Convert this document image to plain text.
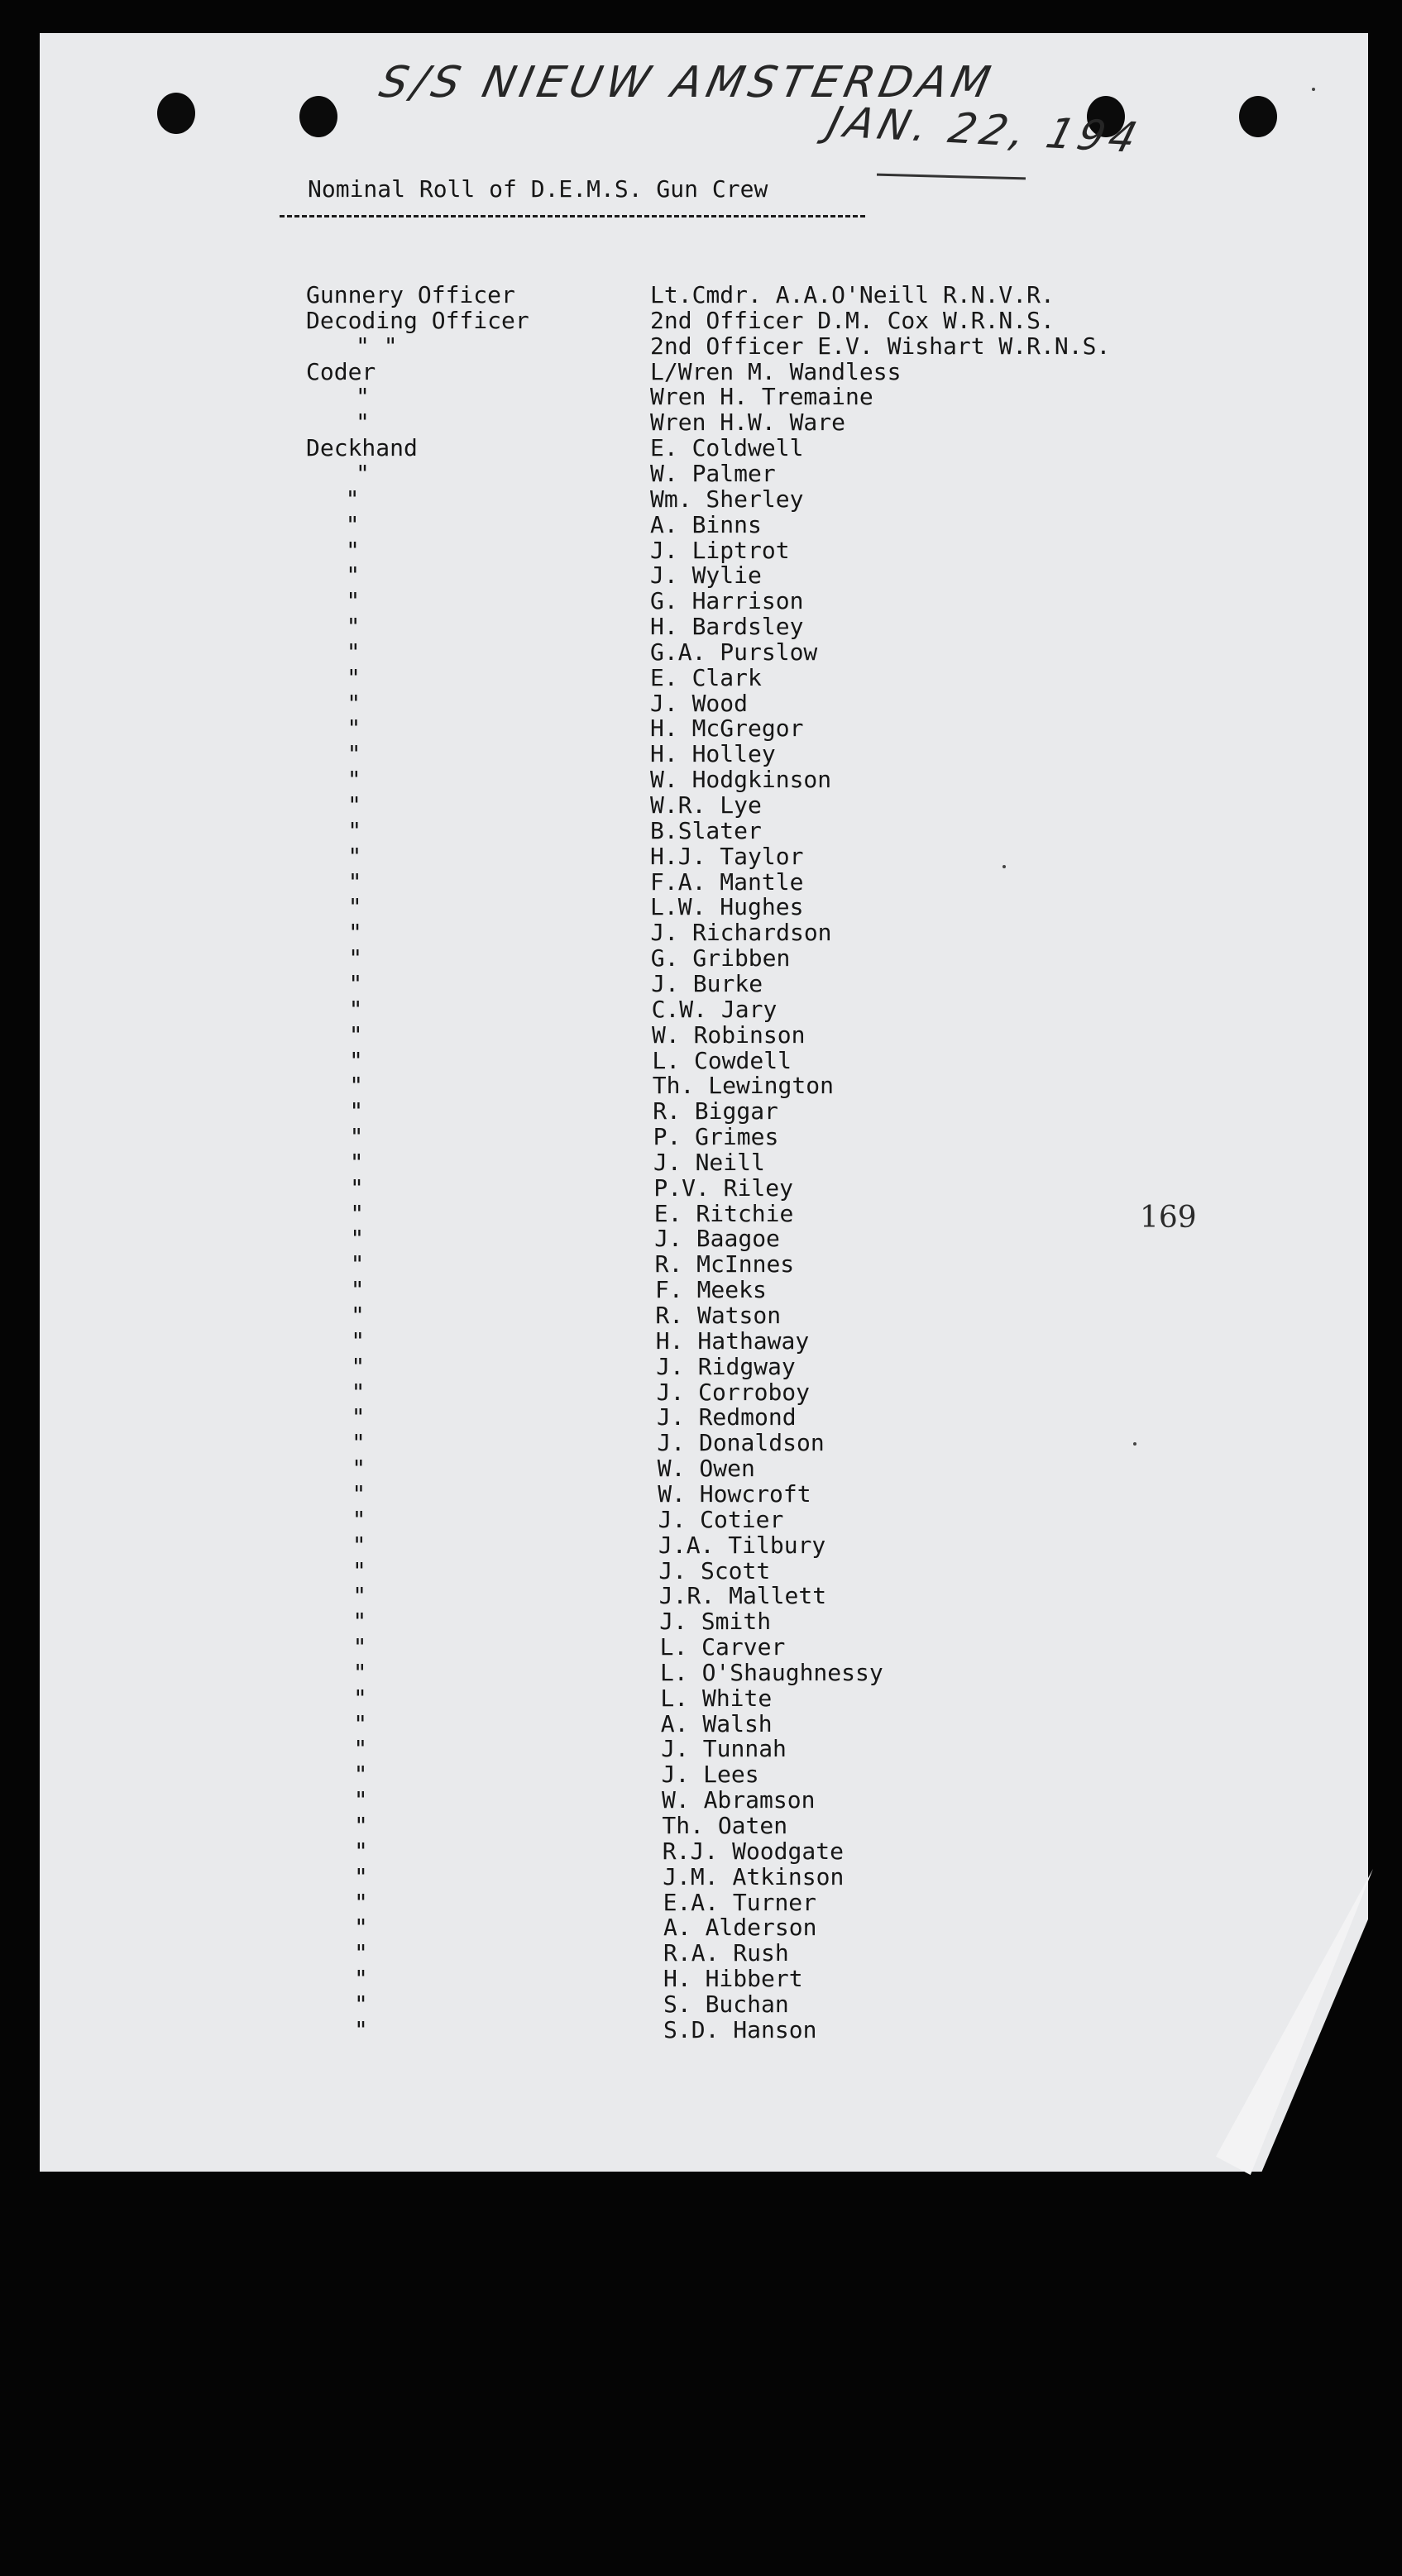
S/S NIEUW AMSTERDAM
JAN. 22, 194
Nominal Roll of D.E.M.S. Gun Crew
Gunnery Officer	Lt.Cmdr. A.A.O'Neill R.N.V.R.
Decoding Officer	2nd Officer D.M. Cox W.R.N.S.
" "	2nd Officer E.V. Wishart W.R.N.S.
Coder	L/Wren M. Wandless
"	Wren H. Tremaine
"	Wren H.W. Ware
Deckhand	E. Coldwell
"	W. Palmer
"	Wm. Sherley
"	A. Binns
"	J. Liptrot
"	J. Wylie
"	G. Harrison
"	H. Bardsley
"	G.A. Purslow
"	E. Clark
"	J. Wood
"	H. McGregor
"	H. Holley
"	W. Hodgkinson
"	W.R. Lye
"	B.Slater
"	H.J. Taylor
"	F.A. Mantle
"	L.W. Hughes
"	J. Richardson
"	G. Gribben
"	J. Burke
"	C.W. Jary
"	W. Robinson
"	L. Cowdell
"	Th. Lewington
"	R. Biggar
"	P. Grimes
"	J. Neill
"	P.V. Riley
"	E. Ritchie
"	J. Baagoe
"	R. McInnes
"	F. Meeks
"	R. Watson
"	H. Hathaway
"	J. Ridgway
"	J. Corroboy
"	J. Redmond
"	J. Donaldson
"	W. Owen
"	W. Howcroft
"	J. Cotier
"	J.A. Tilbury
"	J. Scott
"	J.R. Mallett
"	J. Smith
"	L. Carver
"	L. O'Shaughnessy
"	L. White
"	A. Walsh
"	J. Tunnah
"	J. Lees
"	W. Abramson
"	Th. Oaten
"	R.J. Woodgate
"	J.M. Atkinson
"	E.A. Turner
"	A. Alderson
"	R.A. Rush
"	H. Hibbert
"	S. Buchan
"	S.D. Hanson
169
